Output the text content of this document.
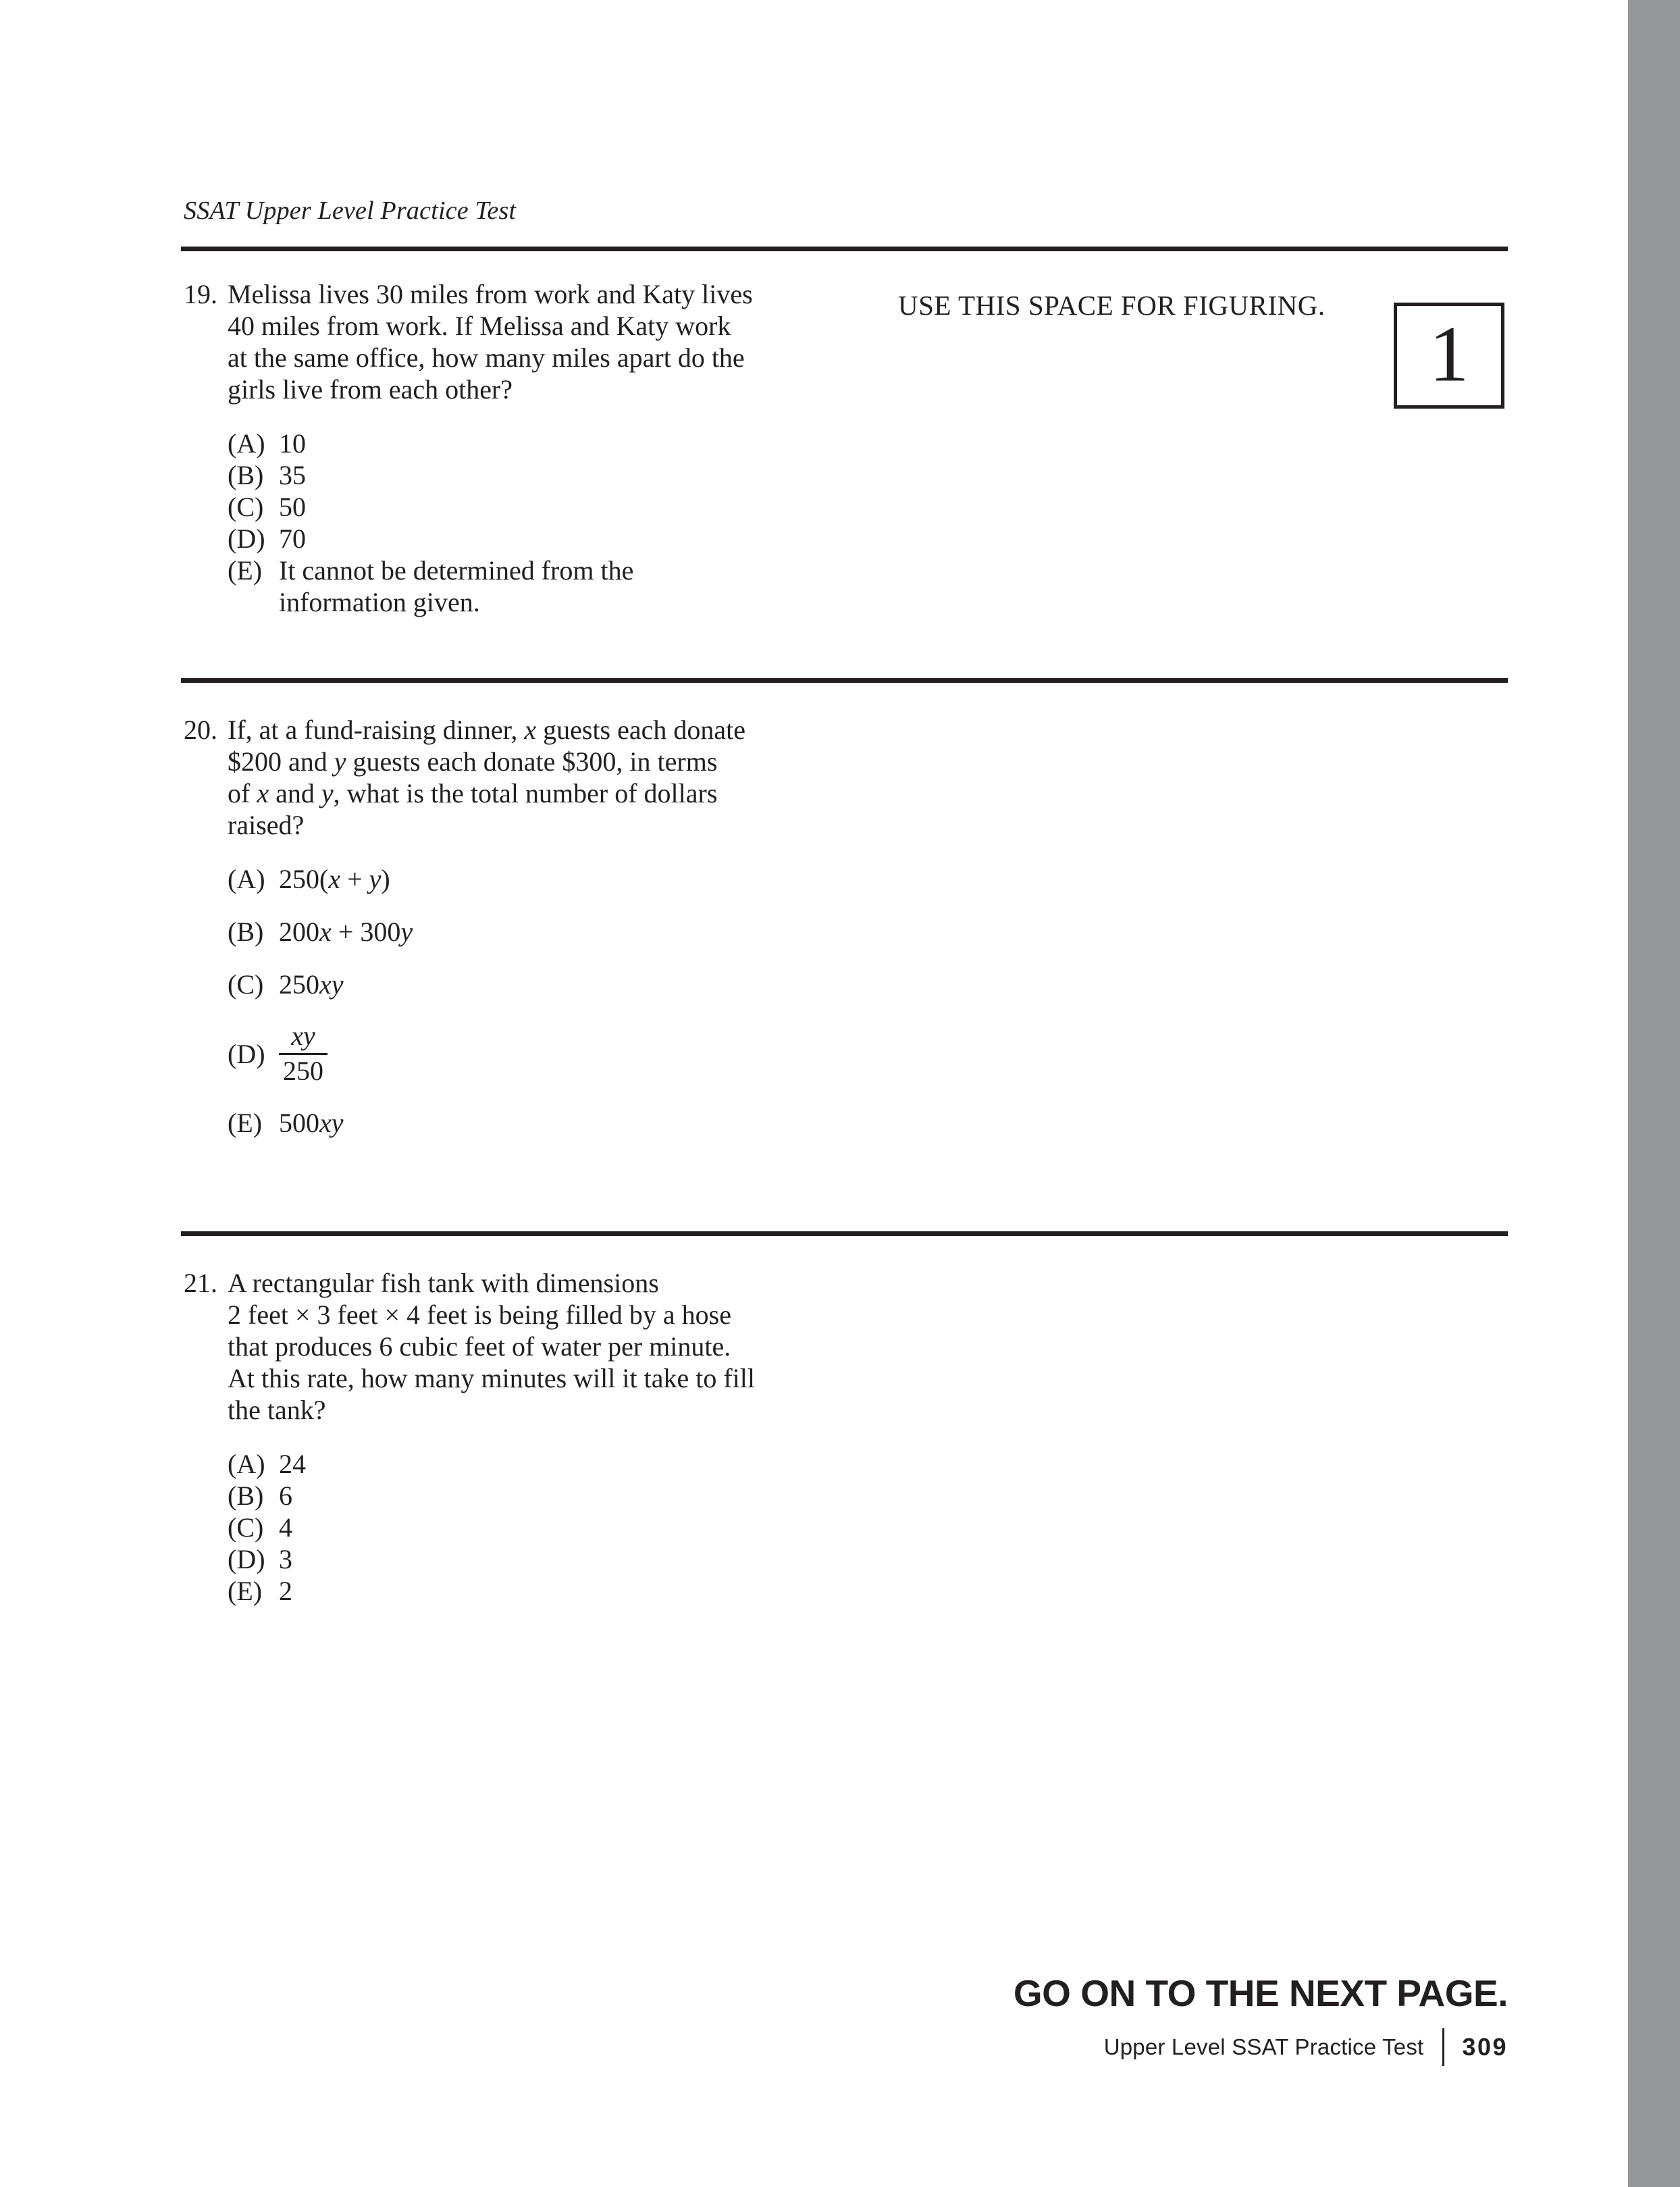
SSAT Upper Level Practice Test
USE THIS SPACE FOR FIGURING.
1
19. Melissa lives 30 miles from work and Katy lives
40 miles from work. If Melissa and Katy work
at the same office, how many miles apart do the
girls live from each other?
(A) 10
(B) 35
(C) 50
(D) 70
(E) It cannot be determined from the
information given.
20. If, at a fund-raising dinner, x guests each donate
$200 and y guests each donate $300, in terms
of x and y, what is the total number of dollars
raised?
(A) 250(x + y)
(B) 200x + 300y
(C) 250xy
$(D) \frac{xy}{250}$
(E) 500xy
21. A rectangular fish tank with dimensions
2 feet × 3 feet × 4 feet is being filled by a hose
that produces 6 cubic feet of water per minute.
At this rate, how many minutes will it take to fill
the tank?
(A) 24
(B) 6
(C) 4
(D) 3
(E) 2
GO ON TO THE NEXT PAGE.
Upper Level SSAT Practice Test 309
